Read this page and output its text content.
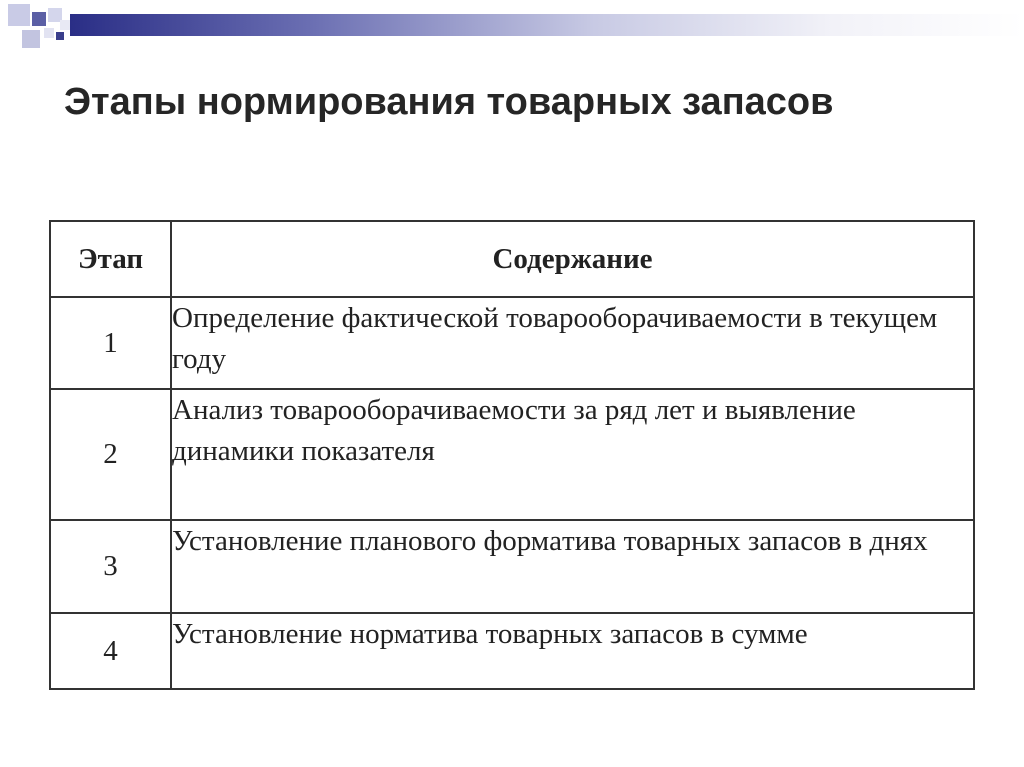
Этапы нормирования товарных запасов
Этап	Содержание
1	Определение фактической товарооборачиваемости в текущем году
2	Анализ товарооборачиваемости за ряд лет и выявление динамики показателя
3	Установление планового формaтива товарных запасов в днях
4	Установление норматива товарных запасов в сумме
